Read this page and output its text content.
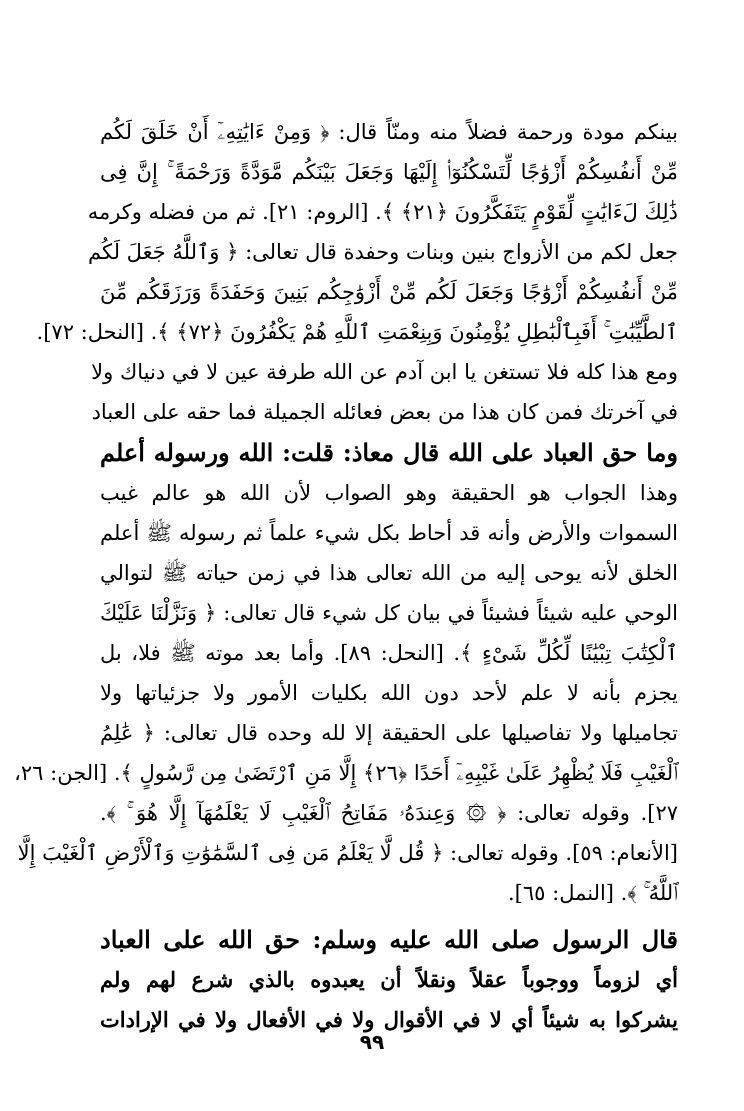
بينكم مودة ورحمة فضلاً منه ومنّاً قال: ﴿ وَمِنْ ءَايَٰتِهِۦٓ أَنْ خَلَقَ لَكُم
مِّنْ أَنفُسِكُمْ أَزْوَٰجًا لِّتَسْكُنُوٓا۟ إِلَيْهَا وَجَعَلَ بَيْنَكُم مَّوَدَّةً وَرَحْمَةً ۚ إِنَّ فِى
ذَٰلِكَ لَءَايَٰتٍ لِّقَوْمٍ يَتَفَكَّرُونَ ﴿٢١﴾ ﴾. [الروم: ٢١]. ثم من فضله وكرمه
جعل لكم من الأزواج بنين وبنات وحفدة قال تعالى: ﴿ وَٱللَّهُ جَعَلَ لَكُم
مِّنْ أَنفُسِكُمْ أَزْوَٰجًا وَجَعَلَ لَكُم مِّنْ أَزْوَٰجِكُم بَنِينَ وَحَفَدَةً وَرَزَقَكُم مِّنَ
ٱلطَّيِّبَٰتِ ۚ أَفَبِٱلْبَٰطِلِ يُؤْمِنُونَ وَبِنِعْمَتِ ٱللَّهِ هُمْ يَكْفُرُونَ ﴿٧٢﴾ ﴾. [النحل: ٧٢].
ومع هذا كله فلا تستغن يا ابن آدم عن الله طرفة عين لا في دنياك ولا
في آخرتك فمن كان هذا من بعض فعائله الجميلة فما حقه على العباد
وما حق العباد على الله قال معاذ: قلت: الله ورسوله أعلم
وهذا الجواب هو الحقيقة وهو الصواب لأن الله هو عالم غيب
السموات والأرض وأنه قد أحاط بكل شيء علماً ثم رسوله ﷺ أعلم
الخلق لأنه يوحى إليه من الله تعالى هذا في زمن حياته ﷺ لتوالي
الوحي عليه شيئاً فشيئاً في بيان كل شيء قال تعالى: ﴿ وَنَزَّلْنَا عَلَيْكَ
ٱلْكِتَٰبَ تِبْيَٰنًا لِّكُلِّ شَىْءٍ ﴾. [النحل: ٨٩]. وأما بعد موته ﷺ فلا، بل
يجزم بأنه لا علم لأحد دون الله بكليات الأمور ولا جزئياتها ولا
تجاميلها ولا تفاصيلها على الحقيقة إلا لله وحده قال تعالى: ﴿ عَٰلِمُ
ٱلْغَيْبِ فَلَا يُظْهِرُ عَلَىٰ غَيْبِهِۦٓ أَحَدًا ﴿٢٦﴾ إِلَّا مَنِ ٱرْتَضَىٰ مِن رَّسُولٍ ﴾. [الجن: ٢٦،
٢٧]. وقوله تعالى: ﴿ ۞ وَعِندَهُۥ مَفَاتِحُ ٱلْغَيْبِ لَا يَعْلَمُهَآ إِلَّا هُوَ ۚ ﴾.
[الأنعام: ٥٩]. وقوله تعالى: ﴿ قُل لَّا يَعْلَمُ مَن فِى ٱلسَّمَٰوَٰتِ وَٱلْأَرْضِ ٱلْغَيْبَ إِلَّا
ٱللَّهُ ۚ ﴾. [النمل: ٦٥].
قال الرسول صلى الله عليه وسلم: حق الله على العباد
أي لزوماً ووجوباً عقلاً ونقلاً أن يعبدوه بالذي شرع لهم ولم
يشركوا به شيئاً أي لا في الأقوال ولا في الأفعال ولا في الإرادات
٩٩
